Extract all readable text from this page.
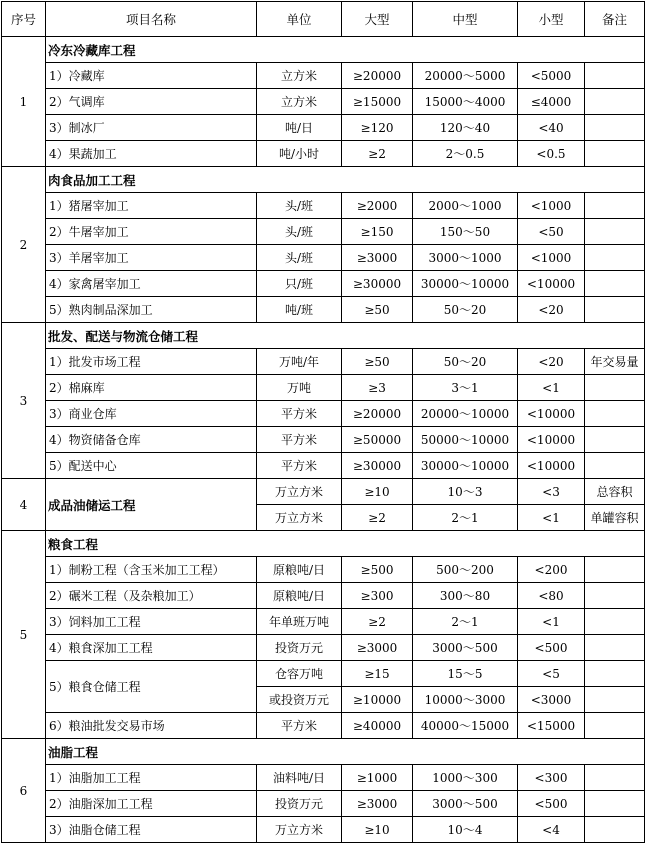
序号	项目名称	单位	大型	中型	小型	备注
1	冷东冷藏库工程					
	1）冷藏库	立方米	≥20000	20000～5000	<5000	
	2）气调库	立方米	≥15000	15000～4000	≤4000	
	3）制冰厂	吨/日	≥120	120～40	<40	
	4）果蔬加工	吨/小时	≥2	2～0.5	<0.5	
2	肉食品加工工程					
	1）猪屠宰加工	头/班	≥2000	2000～1000	<1000	
	2）牛屠宰加工	头/班	≥150	150～50	<50	
	3）羊屠宰加工	头/班	≥3000	3000～1000	<1000	
	4）家禽屠宰加工	只/班	≥30000	30000～10000	<10000	
	5）熟肉制品深加工	吨/班	≥50	50～20	<20	
3	批发、配送与物流仓储工程					
	1）批发市场工程	万吨/年	≥50	50～20	<20	年交易量
	2）棉麻库	万吨	≥3	3～1	<1	
	3）商业仓库	平方米	≥20000	20000～10000	<10000	
	4）物资储备仓库	平方米	≥50000	50000～10000	<10000	
	5）配送中心	平方米	≥30000	30000～10000	<10000	
4	成品油储运工程	万立方米	≥10	10～3	<3	总容积
		万立方米	≥2	2～1	<1	单罐容积
5	粮食工程					
	1）制粉工程（含玉米加工工程）	原粮吨/日	≥500	500～200	<200	
	2）碾米工程（及杂粮加工）	原粮吨/日	≥300	300～80	<80	
	3）饲料加工工程	年单班万吨	≥2	2～1	<1	
	4）粮食深加工工程	投资万元	≥3000	3000～500	<500	
	5）粮食仓储工程	仓容万吨	≥15	15～5	<5	
		或投资万元	≥10000	10000～3000	<3000	
	6）粮油批发交易市场	平方米	≥40000	40000～15000	<15000	
6	油脂工程					
	1）油脂加工工程	油料吨/日	≥1000	1000～300	<300	
	2）油脂深加工工程	投资万元	≥3000	3000～500	<500	
	3）油脂仓储工程	万立方米	≥10	10～4	<4	
